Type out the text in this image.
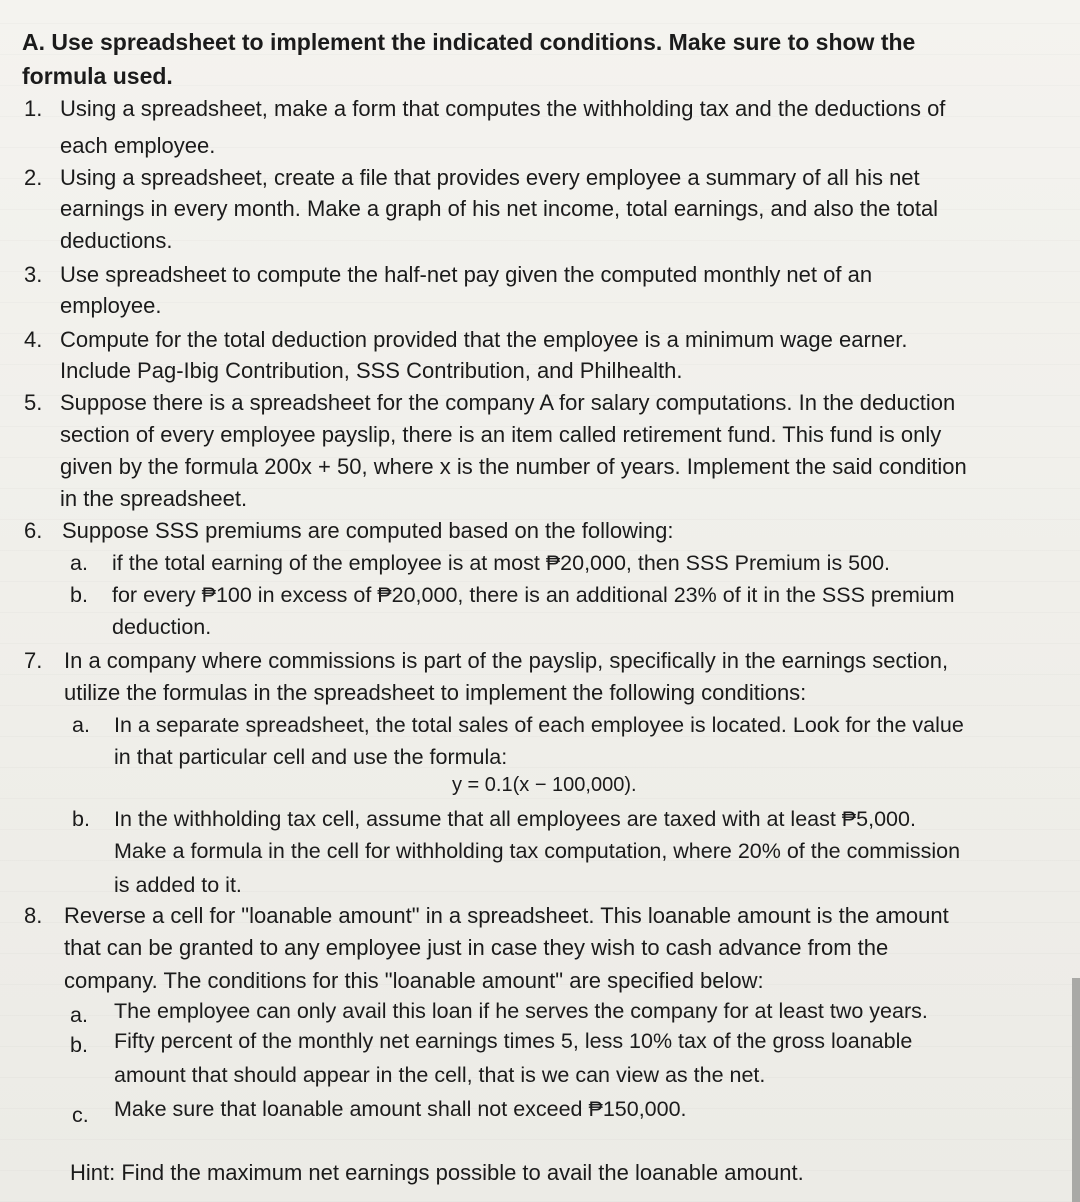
A. Use spreadsheet to implement the indicated conditions. Make sure to show the
formula used.
1. Using a spreadsheet, make a form that computes the withholding tax and the deductions of
each employee.
2. Using a spreadsheet, create a file that provides every employee a summary of all his net
earnings in every month. Make a graph of his net income, total earnings, and also the total
deductions.
3. Use spreadsheet to compute the half-net pay given the computed monthly net of an
employee.
4. Compute for the total deduction provided that the employee is a minimum wage earner.
Include Pag-Ibig Contribution, SSS Contribution, and Philhealth.
5. Suppose there is a spreadsheet for the company A for salary computations. In the deduction
section of every employee payslip, there is an item called retirement fund. This fund is only
given by the formula 200x + 50, where x is the number of years. Implement the said condition
in the spreadsheet.
6. Suppose SSS premiums are computed based on the following:
a. if the total earning of the employee is at most ₱20,000, then SSS Premium is 500.
b. for every ₱100 in excess of ₱20,000, there is an additional 23% of it in the SSS premium
deduction.
7. In a company where commissions is part of the payslip, specifically in the earnings section,
utilize the formulas in the spreadsheet to implement the following conditions:
a. In a separate spreadsheet, the total sales of each employee is located. Look for the value
in that particular cell and use the formula:
y = 0.1(x − 100,000).
b. In the withholding tax cell, assume that all employees are taxed with at least ₱5,000.
Make a formula in the cell for withholding tax computation, where 20% of the commission
is added to it.
8. Reverse a cell for "loanable amount" in a spreadsheet. This loanable amount is the amount
that can be granted to any employee just in case they wish to cash advance from the
company. The conditions for this "loanable amount" are specified below:
a. The employee can only avail this loan if he serves the company for at least two years.
b. Fifty percent of the monthly net earnings times 5, less 10% tax of the gross loanable
amount that should appear in the cell, that is we can view as the net.
c. Make sure that loanable amount shall not exceed ₱150,000.
Hint: Find the maximum net earnings possible to avail the loanable amount.
